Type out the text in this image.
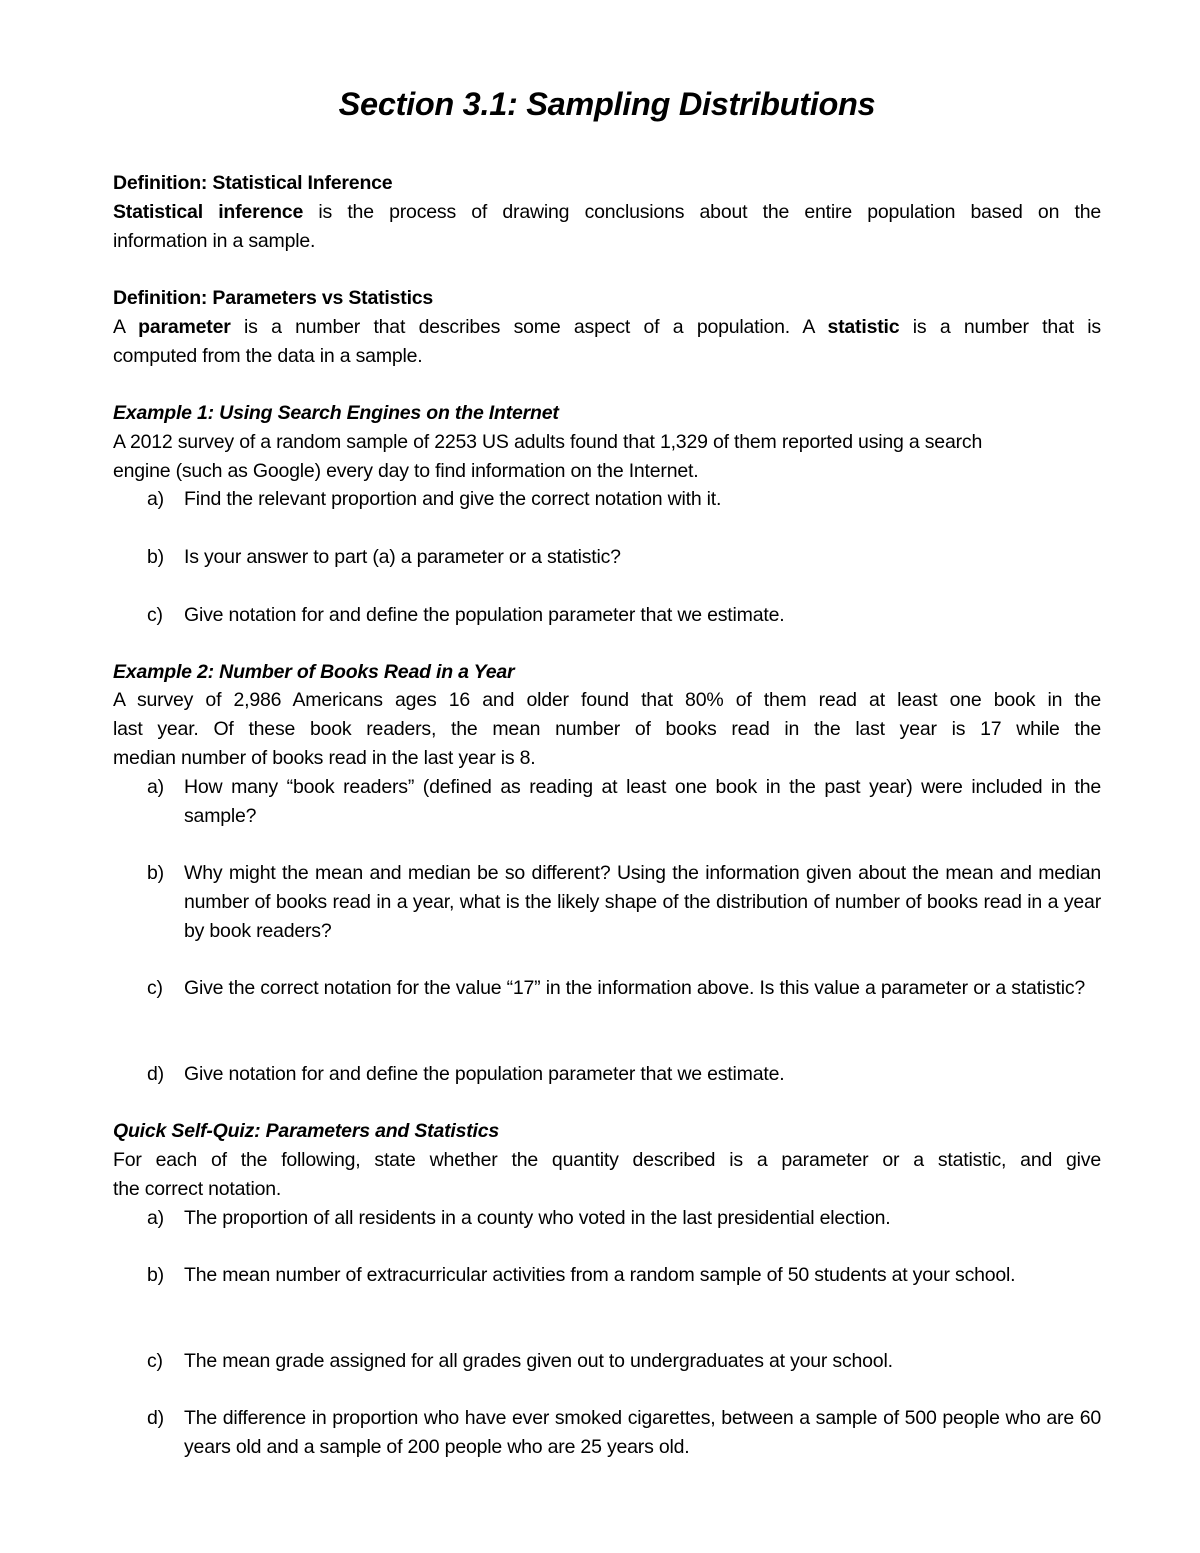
Section 3.1: Sampling Distributions
Definition: Statistical Inference
Statistical inference is the process of drawing conclusions about the entire population based on the
information in a sample.
Definition: Parameters vs Statistics
A parameter is a number that describes some aspect of a population. A statistic is a number that is
computed from the data in a sample.
Example 1: Using Search Engines on the Internet
A 2012 survey of a random sample of 2253 US adults found that 1,329 of them reported using a search
engine (such as Google) every day to find information on the Internet.
a) Find the relevant proportion and give the correct notation with it.
b) Is your answer to part (a) a parameter or a statistic?
c) Give notation for and define the population parameter that we estimate.
Example 2: Number of Books Read in a Year
A survey of 2,986 Americans ages 16 and older found that 80% of them read at least one book in the
last year. Of these book readers, the mean number of books read in the last year is 17 while the
median number of books read in the last year is 8.
a) How many “book readers” (defined as reading at least one book in the past year) were included in the sample?
b) Why might the mean and median be so different? Using the information given about the mean and median number of books read in a year, what is the likely shape of the distribution of number of books read in a year by book readers?
c) Give the correct notation for the value “17” in the information above. Is this value a parameter or a statistic?
d) Give notation for and define the population parameter that we estimate.
Quick Self-Quiz: Parameters and Statistics
For each of the following, state whether the quantity described is a parameter or a statistic, and give
the correct notation.
a) The proportion of all residents in a county who voted in the last presidential election.
b) The mean number of extracurricular activities from a random sample of 50 students at your school.
c) The mean grade assigned for all grades given out to undergraduates at your school.
d) The difference in proportion who have ever smoked cigarettes, between a sample of 500 people who are 60 years old and a sample of 200 people who are 25 years old.
